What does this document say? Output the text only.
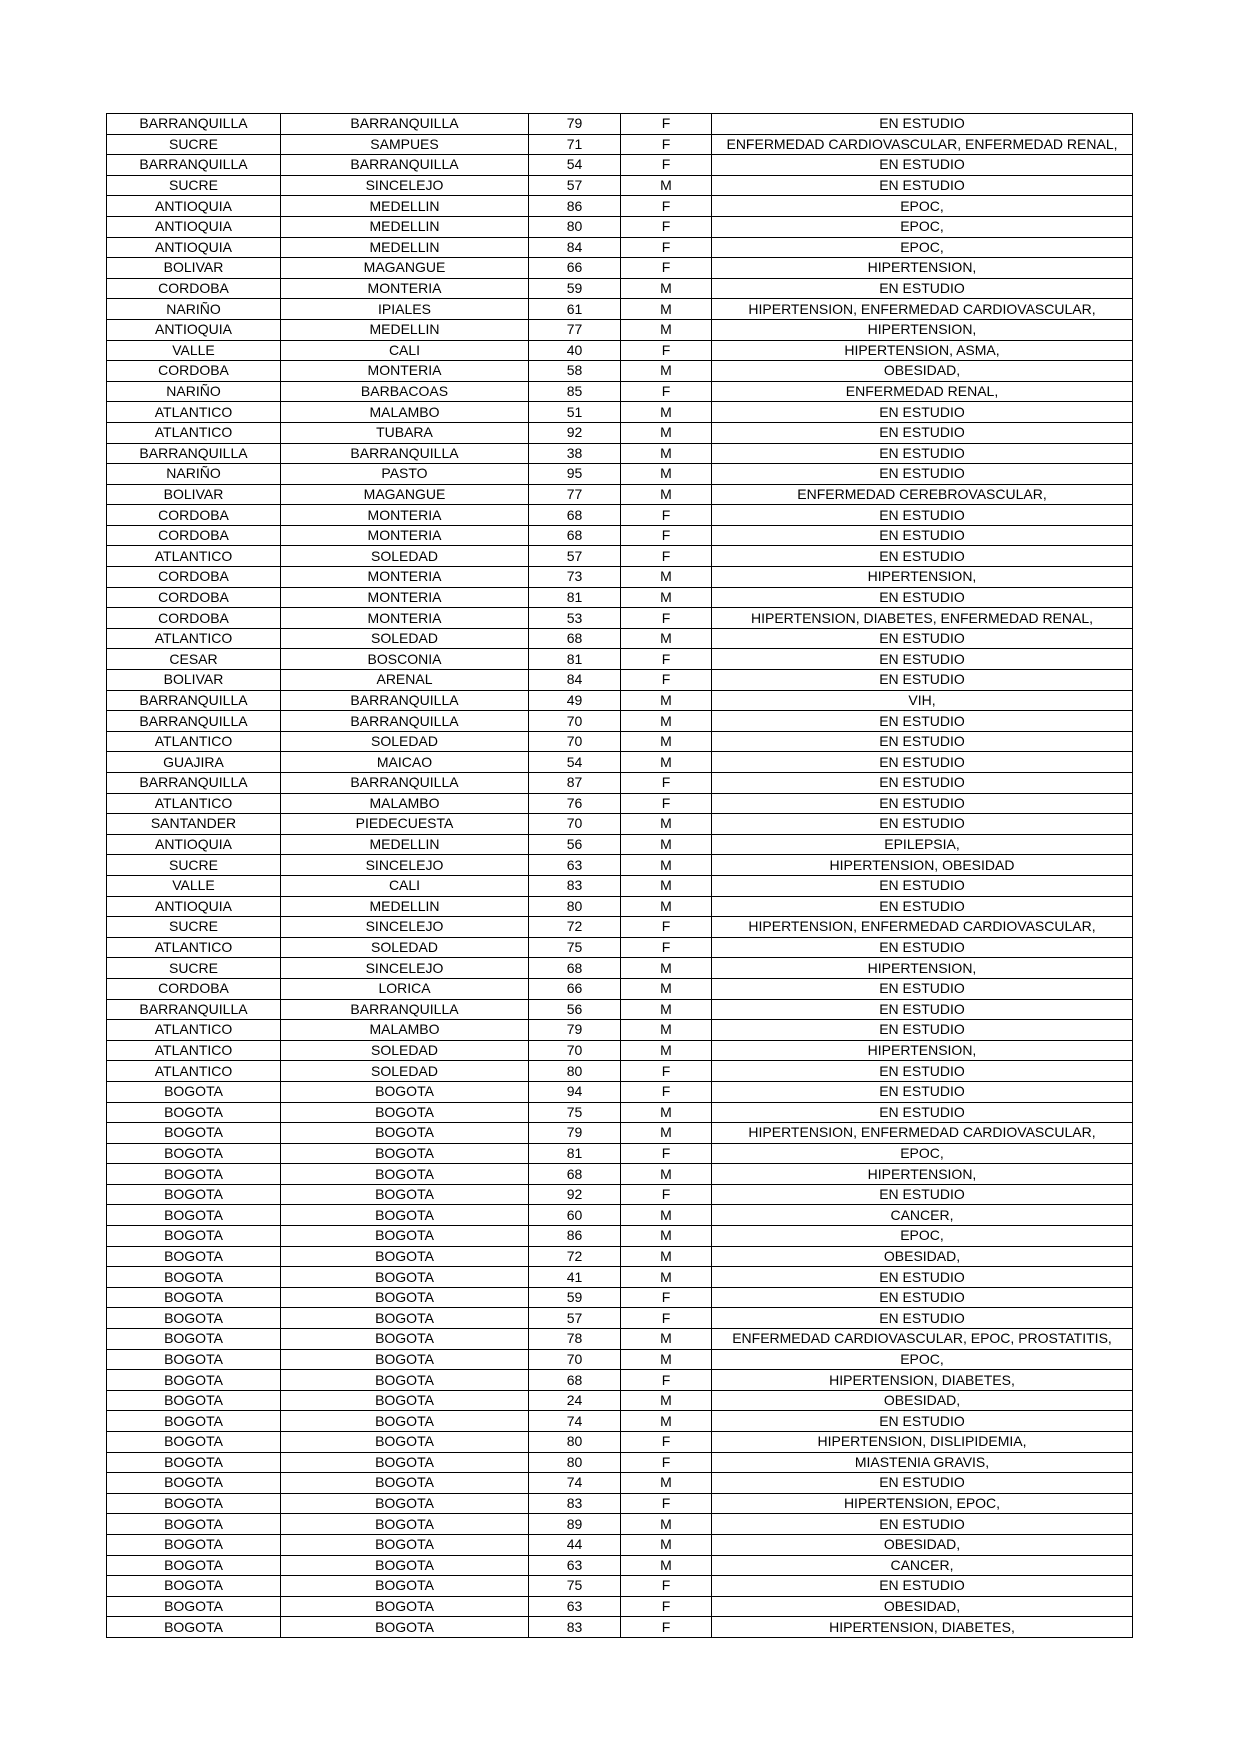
BARRANQUILLA	BARRANQUILLA	79	F	EN ESTUDIO
SUCRE	SAMPUES	71	F	ENFERMEDAD CARDIOVASCULAR, ENFERMEDAD RENAL,
BARRANQUILLA	BARRANQUILLA	54	F	EN ESTUDIO
SUCRE	SINCELEJO	57	M	EN ESTUDIO
ANTIOQUIA	MEDELLIN	86	F	EPOC,
ANTIOQUIA	MEDELLIN	80	F	EPOC,
ANTIOQUIA	MEDELLIN	84	F	EPOC,
BOLIVAR	MAGANGUE	66	F	HIPERTENSION,
CORDOBA	MONTERIA	59	M	EN ESTUDIO
NARIÑO	IPIALES	61	M	HIPERTENSION, ENFERMEDAD CARDIOVASCULAR,
ANTIOQUIA	MEDELLIN	77	M	HIPERTENSION,
VALLE	CALI	40	F	HIPERTENSION, ASMA,
CORDOBA	MONTERIA	58	M	OBESIDAD,
NARIÑO	BARBACOAS	85	F	ENFERMEDAD RENAL,
ATLANTICO	MALAMBO	51	M	EN ESTUDIO
ATLANTICO	TUBARA	92	M	EN ESTUDIO
BARRANQUILLA	BARRANQUILLA	38	M	EN ESTUDIO
NARIÑO	PASTO	95	M	EN ESTUDIO
BOLIVAR	MAGANGUE	77	M	ENFERMEDAD CEREBROVASCULAR,
CORDOBA	MONTERIA	68	F	EN ESTUDIO
CORDOBA	MONTERIA	68	F	EN ESTUDIO
ATLANTICO	SOLEDAD	57	F	EN ESTUDIO
CORDOBA	MONTERIA	73	M	HIPERTENSION,
CORDOBA	MONTERIA	81	M	EN ESTUDIO
CORDOBA	MONTERIA	53	F	HIPERTENSION, DIABETES, ENFERMEDAD RENAL,
ATLANTICO	SOLEDAD	68	M	EN ESTUDIO
CESAR	BOSCONIA	81	F	EN ESTUDIO
BOLIVAR	ARENAL	84	F	EN ESTUDIO
BARRANQUILLA	BARRANQUILLA	49	M	VIH,
BARRANQUILLA	BARRANQUILLA	70	M	EN ESTUDIO
ATLANTICO	SOLEDAD	70	M	EN ESTUDIO
GUAJIRA	MAICAO	54	M	EN ESTUDIO
BARRANQUILLA	BARRANQUILLA	87	F	EN ESTUDIO
ATLANTICO	MALAMBO	76	F	EN ESTUDIO
SANTANDER	PIEDECUESTA	70	M	EN ESTUDIO
ANTIOQUIA	MEDELLIN	56	M	EPILEPSIA,
SUCRE	SINCELEJO	63	M	HIPERTENSION, OBESIDAD
VALLE	CALI	83	M	EN ESTUDIO
ANTIOQUIA	MEDELLIN	80	M	EN ESTUDIO
SUCRE	SINCELEJO	72	F	HIPERTENSION, ENFERMEDAD CARDIOVASCULAR,
ATLANTICO	SOLEDAD	75	F	EN ESTUDIO
SUCRE	SINCELEJO	68	M	HIPERTENSION,
CORDOBA	LORICA	66	M	EN ESTUDIO
BARRANQUILLA	BARRANQUILLA	56	M	EN ESTUDIO
ATLANTICO	MALAMBO	79	M	EN ESTUDIO
ATLANTICO	SOLEDAD	70	M	HIPERTENSION,
ATLANTICO	SOLEDAD	80	F	EN ESTUDIO
BOGOTA	BOGOTA	94	F	EN ESTUDIO
BOGOTA	BOGOTA	75	M	EN ESTUDIO
BOGOTA	BOGOTA	79	M	HIPERTENSION, ENFERMEDAD CARDIOVASCULAR,
BOGOTA	BOGOTA	81	F	EPOC,
BOGOTA	BOGOTA	68	M	HIPERTENSION,
BOGOTA	BOGOTA	92	F	EN ESTUDIO
BOGOTA	BOGOTA	60	M	CANCER,
BOGOTA	BOGOTA	86	M	EPOC,
BOGOTA	BOGOTA	72	M	OBESIDAD,
BOGOTA	BOGOTA	41	M	EN ESTUDIO
BOGOTA	BOGOTA	59	F	EN ESTUDIO
BOGOTA	BOGOTA	57	F	EN ESTUDIO
BOGOTA	BOGOTA	78	M	ENFERMEDAD CARDIOVASCULAR, EPOC, PROSTATITIS,
BOGOTA	BOGOTA	70	M	EPOC,
BOGOTA	BOGOTA	68	F	HIPERTENSION, DIABETES,
BOGOTA	BOGOTA	24	M	OBESIDAD,
BOGOTA	BOGOTA	74	M	EN ESTUDIO
BOGOTA	BOGOTA	80	F	HIPERTENSION, DISLIPIDEMIA,
BOGOTA	BOGOTA	80	F	MIASTENIA GRAVIS,
BOGOTA	BOGOTA	74	M	EN ESTUDIO
BOGOTA	BOGOTA	83	F	HIPERTENSION, EPOC,
BOGOTA	BOGOTA	89	M	EN ESTUDIO
BOGOTA	BOGOTA	44	M	OBESIDAD,
BOGOTA	BOGOTA	63	M	CANCER,
BOGOTA	BOGOTA	75	F	EN ESTUDIO
BOGOTA	BOGOTA	63	F	OBESIDAD,
BOGOTA	BOGOTA	83	F	HIPERTENSION, DIABETES,
